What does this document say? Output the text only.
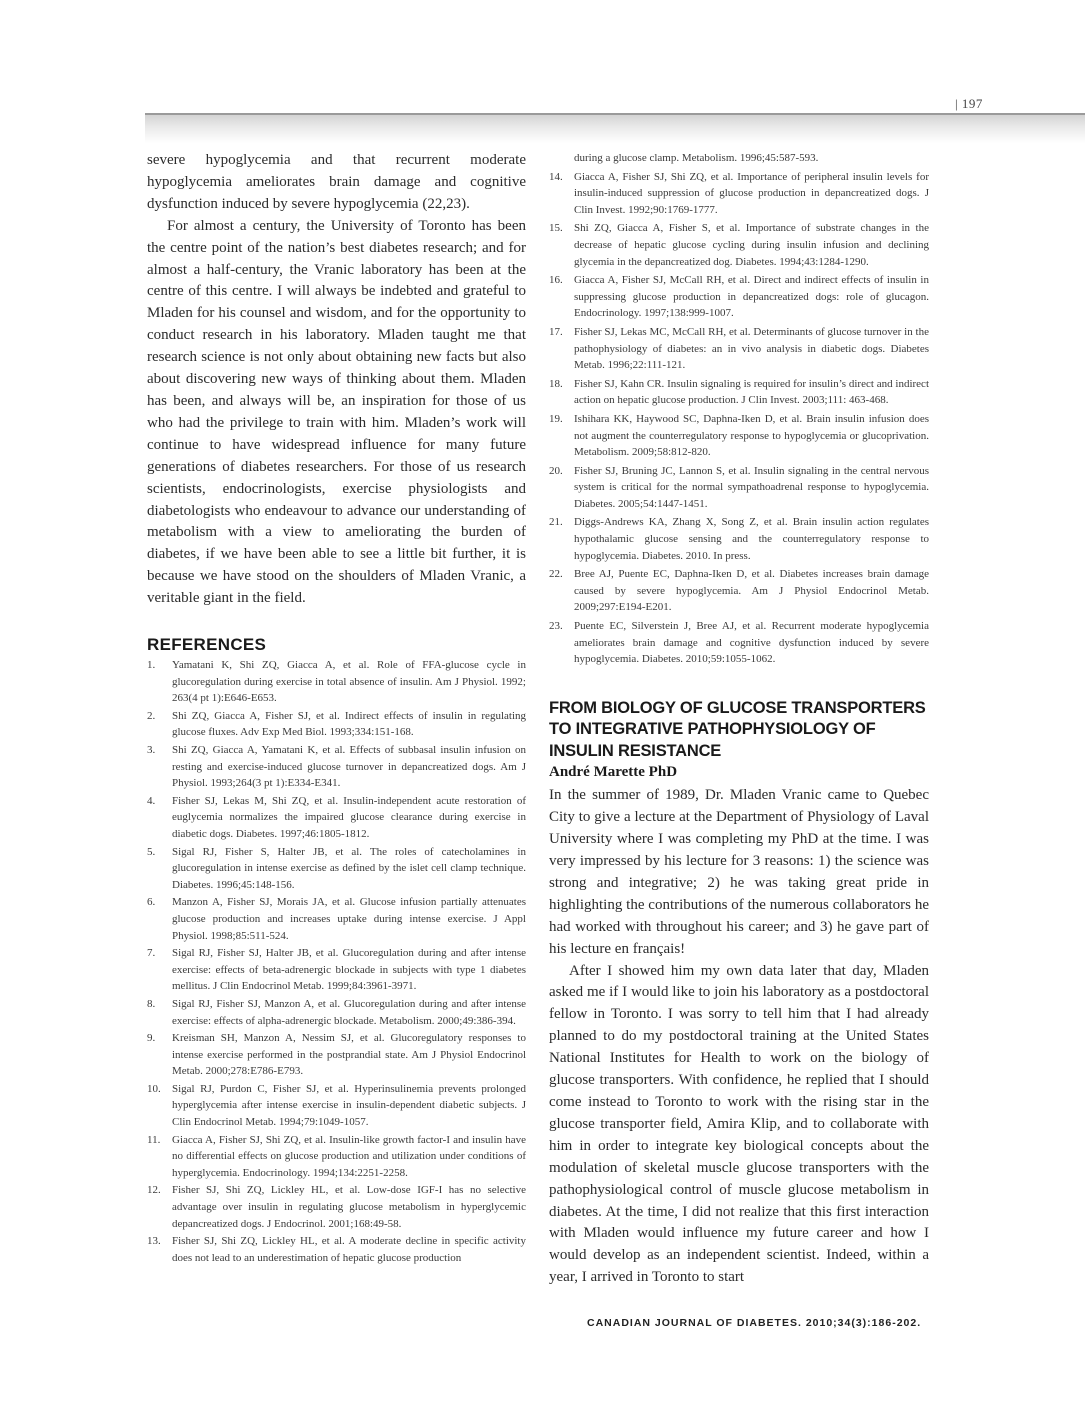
| 197

severe hypoglycemia and that recurrent moderate hypoglycemia ameliorates brain damage and cognitive dysfunction induced by severe hypoglycemia (22,23).

For almost a century, the University of Toronto has been the centre point of the nation’s best diabetes research; and for almost a half-century, the Vranic laboratory has been at the centre of this centre. I will always be indebted and grateful to Mladen for his counsel and wisdom, and for the opportunity to conduct research in his laboratory. Mladen taught me that research science is not only about obtaining new facts but also about discovering new ways of thinking about them. Mladen has been, and always will be, an inspiration for those of us who had the privilege to train with him. Mladen’s work will continue to have widespread influence for many future generations of diabetes researchers. For those of us research scientists, endocrinologists, exercise physiologists and diabetologists who endeavour to advance our understanding of metabolism with a view to ameliorating the burden of diabetes, if we have been able to see a little bit further, it is because we have stood on the shoulders of Mladen Vranic, a veritable giant in the field.

REFERENCES
1.	Yamatani K, Shi ZQ, Giacca A, et al. Role of FFA-glucose cycle in glucoregulation during exercise in total absence of insulin. Am J Physiol. 1992; 263(4 pt 1):E646-E653.
2.	Shi ZQ, Giacca A, Fisher SJ, et al. Indirect effects of insulin in regulating glucose fluxes. Adv Exp Med Biol. 1993;334:151-168.
3.	Shi ZQ, Giacca A, Yamatani K, et al. Effects of subbasal insulin infusion on resting and exercise-induced glucose turnover in depancreatized dogs. Am J Physiol. 1993;264(3 pt 1):E334-E341.
4.	Fisher SJ, Lekas M, Shi ZQ, et al. Insulin-independent acute restoration of euglycemia normalizes the impaired glucose clearance during exercise in diabetic dogs. Diabetes. 1997;46:1805-1812.
5.	Sigal RJ, Fisher S, Halter JB, et al. The roles of catecholamines in glucoregulation in intense exercise as defined by the islet cell clamp technique. Diabetes. 1996;45:148-156.
6.	Manzon A, Fisher SJ, Morais JA, et al. Glucose infusion partially attenuates glucose production and increases uptake during intense exercise. J Appl Physiol. 1998;85:511-524.
7.	Sigal RJ, Fisher SJ, Halter JB, et al. Glucoregulation during and after intense exercise: effects of beta-adrenergic blockade in subjects with type 1 diabetes mellitus. J Clin Endocrinol Metab. 1999;84:3961-3971.
8.	Sigal RJ, Fisher SJ, Manzon A, et al. Glucoregulation during and after intense exercise: effects of alpha-adrenergic blockade. Metabolism. 2000;49:386-394.
9.	Kreisman SH, Manzon A, Nessim SJ, et al. Glucoregulatory responses to intense exercise performed in the postprandial state. Am J Physiol Endocrinol Metab. 2000;278:E786-E793.
10.	Sigal RJ, Purdon C, Fisher SJ, et al. Hyperinsulinemia prevents prolonged hyperglycemia after intense exercise in insulin-dependent diabetic subjects. J Clin Endocrinol Metab. 1994;79:1049-1057.
11.	Giacca A, Fisher SJ, Shi ZQ, et al. Insulin-like growth factor-I and insulin have no differential effects on glucose production and utilization under conditions of hyperglycemia. Endocrinology. 1994;134:2251-2258.
12.	Fisher SJ, Shi ZQ, Lickley HL, et al. Low-dose IGF-I has no selective advantage over insulin in regulating glucose metabolism in hyperglycemic depancreatized dogs. J Endocrinol. 2001;168:49-58.
13.	Fisher SJ, Shi ZQ, Lickley HL, et al. A moderate decline in specific activity does not lead to an underestimation of hepatic glucose production
during a glucose clamp. Metabolism. 1996;45:587-593.
14.	Giacca A, Fisher SJ, Shi ZQ, et al. Importance of peripheral insulin levels for insulin-induced suppression of glucose production in depancreatized dogs. J Clin Invest. 1992;90:1769-1777.
15.	Shi ZQ, Giacca A, Fisher S, et al. Importance of substrate changes in the decrease of hepatic glucose cycling during insulin infusion and declining glycemia in the depancreatized dog. Diabetes. 1994;43:1284-1290.
16.	Giacca A, Fisher SJ, McCall RH, et al. Direct and indirect effects of insulin in suppressing glucose production in depancreatized dogs: role of glucagon. Endocrinology. 1997;138:999-1007.
17.	Fisher SJ, Lekas MC, McCall RH, et al. Determinants of glucose turnover in the pathophysiology of diabetes: an in vivo analysis in diabetic dogs. Diabetes Metab. 1996;22:111-121.
18.	Fisher SJ, Kahn CR. Insulin signaling is required for insulin’s direct and indirect action on hepatic glucose production. J Clin Invest. 2003;111: 463-468.
19.	Ishihara KK, Haywood SC, Daphna-Iken D, et al. Brain insulin infusion does not augment the counterregulatory response to hypoglycemia or glucoprivation. Metabolism. 2009;58:812-820.
20.	Fisher SJ, Bruning JC, Lannon S, et al. Insulin signaling in the central nervous system is critical for the normal sympathoadrenal response to hypoglycemia. Diabetes. 2005;54:1447-1451.
21.	Diggs-Andrews KA, Zhang X, Song Z, et al. Brain insulin action regulates hypothalamic glucose sensing and the counterregulatory response to hypoglycemia. Diabetes. 2010. In press.
22.	Bree AJ, Puente EC, Daphna-Iken D, et al. Diabetes increases brain damage caused by severe hypoglycemia. Am J Physiol Endocrinol Metab. 2009;297:E194-E201.
23.	Puente EC, Silverstein J, Bree AJ, et al. Recurrent moderate hypoglycemia ameliorates brain damage and cognitive dysfunction induced by severe hypoglycemia. Diabetes. 2010;59:1055-1062.
FROM BIOLOGY OF GLUCOSE TRANSPORTERS TO INTEGRATIVE PATHOPHYSIOLOGY OF INSULIN RESISTANCE
André Marette PhD

In the summer of 1989, Dr. Mladen Vranic came to Quebec City to give a lecture at the Department of Physiology of Laval University where I was completing my PhD at the time. I was very impressed by his lecture for 3 reasons: 1) the science was strong and integrative; 2) he was taking great pride in highlighting the contributions of the numerous collaborators he had worked with throughout his career; and 3) he gave part of his lecture en français!

After I showed him my own data later that day, Mladen asked me if I would like to join his laboratory as a postdoctoral fellow in Toronto. I was sorry to tell him that I had already planned to do my postdoctoral training at the United States National Institutes for Health to work on the biology of glucose transporters. With confidence, he replied that I should come instead to Toronto to work with the rising star in the glucose transporter field, Amira Klip, and to collaborate with him in order to integrate key biological concepts about the modulation of skeletal muscle glucose transporters with the pathophysiological control of muscle glucose metabolism in diabetes. At the time, I did not realize that this first interaction with Mladen would influence my future career and how I would develop as an independent scientist. Indeed, within a year, I arrived in Toronto to start

CANADIAN JOURNAL OF DIABETES. 2010;34(3):186-202.
